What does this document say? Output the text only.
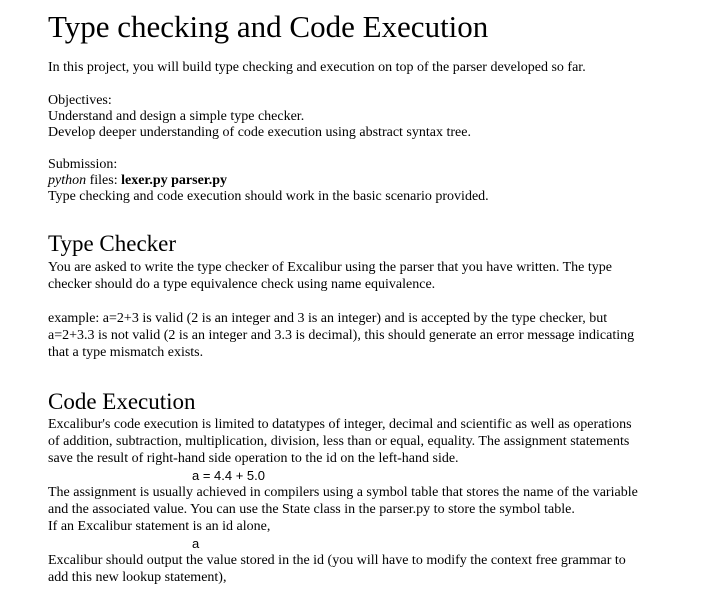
Type checking and Code Execution

In this project, you will build type checking and execution on top of the parser developed so far.

Objectives:

Understand and design a simple type checker.

Develop deeper understanding of code execution using abstract syntax tree.

Submission:

python files: lexer.py parser.py

Type checking and code execution should work in the basic scenario provided.

Type Checker

You are asked to write the type checker of Excalibur using the parser that you have written. The type

checker should do a type equivalence check using name equivalence.

example: a=2+3 is valid (2 is an integer and 3 is an integer) and is accepted by the type checker, but

a=2+3.3 is not valid (2 is an integer and 3.3 is decimal), this should generate an error message indicating

that a type mismatch exists.

Code Execution

Excalibur's code execution is limited to datatypes of integer, decimal and scientific as well as operations

of addition, subtraction, multiplication, division, less than or equal, equality. The assignment statements

save the result of right-hand side operation to the id on the left-hand side.

a = 4.4 + 5.0

The assignment is usually achieved in compilers using a symbol table that stores the name of the variable

and the associated value. You can use the State class in the parser.py to store the symbol table.

If an Excalibur statement is an id alone,

a

Excalibur should output the value stored in the id (you will have to modify the context free grammar to

add this new lookup statement),
